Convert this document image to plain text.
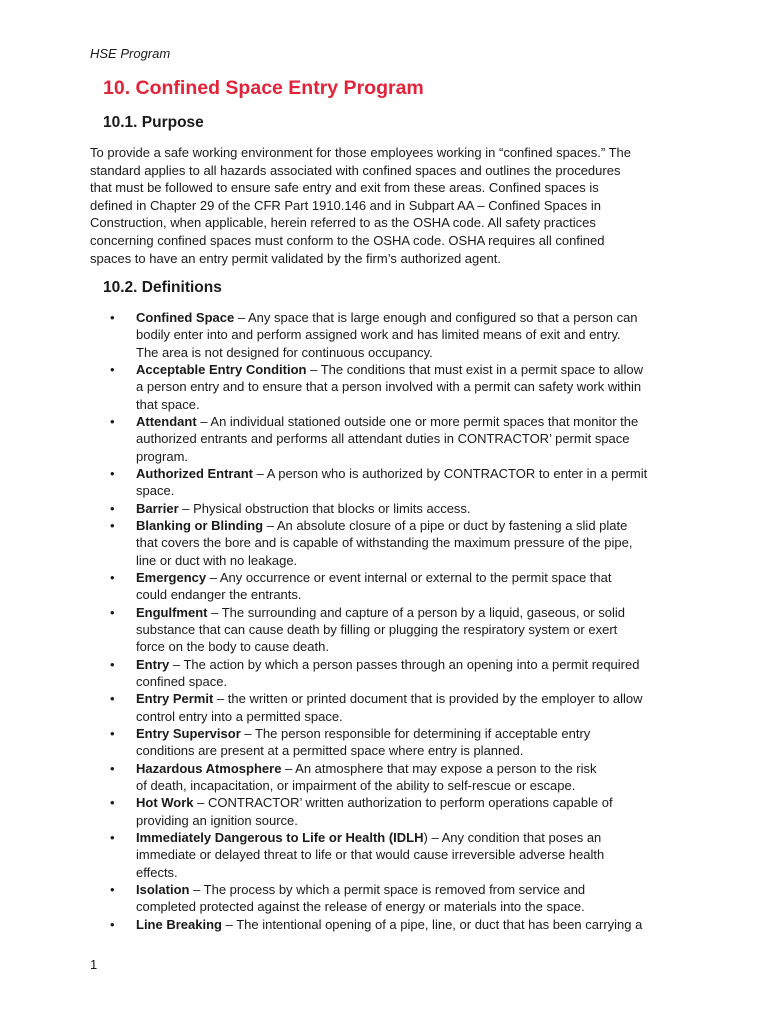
HSE Program
10. Confined Space Entry Program
10.1. Purpose
To provide a safe working environment for those employees working in “confined spaces.” The
standard applies to all hazards associated with confined spaces and outlines the procedures
that must be followed to ensure safe entry and exit from these areas. Confined spaces is
defined in Chapter 29 of the CFR Part 1910.146 and in Subpart AA – Confined Spaces in
Construction, when applicable, herein referred to as the OSHA code. All safety practices
concerning confined spaces must conform to the OSHA code. OSHA requires all confined
spaces to have an entry permit validated by the firm’s authorized agent.
10.2. Definitions
• Confined Space – Any space that is large enough and configured so that a person can
bodily enter into and perform assigned work and has limited means of exit and entry.
The area is not designed for continuous occupancy.
• Acceptable Entry Condition – The conditions that must exist in a permit space to allow
a person entry and to ensure that a person involved with a permit can safety work within
that space.
• Attendant – An individual stationed outside one or more permit spaces that monitor the
authorized entrants and performs all attendant duties in CONTRACTOR’ permit space
program.
• Authorized Entrant – A person who is authorized by CONTRACTOR to enter in a permit
space.
• Barrier – Physical obstruction that blocks or limits access.
• Blanking or Blinding – An absolute closure of a pipe or duct by fastening a slid plate
that covers the bore and is capable of withstanding the maximum pressure of the pipe,
line or duct with no leakage.
• Emergency – Any occurrence or event internal or external to the permit space that
could endanger the entrants.
• Engulfment – The surrounding and capture of a person by a liquid, gaseous, or solid
substance that can cause death by filling or plugging the respiratory system or exert
force on the body to cause death.
• Entry – The action by which a person passes through an opening into a permit required
confined space.
• Entry Permit – the written or printed document that is provided by the employer to allow
control entry into a permitted space.
• Entry Supervisor – The person responsible for determining if acceptable entry
conditions are present at a permitted space where entry is planned.
• Hazardous Atmosphere – An atmosphere that may expose a person to the risk
of death, incapacitation, or impairment of the ability to self-rescue or escape.
• Hot Work – CONTRACTOR’ written authorization to perform operations capable of
providing an ignition source.
• Immediately Dangerous to Life or Health (IDLH) – Any condition that poses an
immediate or delayed threat to life or that would cause irreversible adverse health
effects.
• Isolation – The process by which a permit space is removed from service and
completed protected against the release of energy or materials into the space.
• Line Breaking – The intentional opening of a pipe, line, or duct that has been carrying a
1
